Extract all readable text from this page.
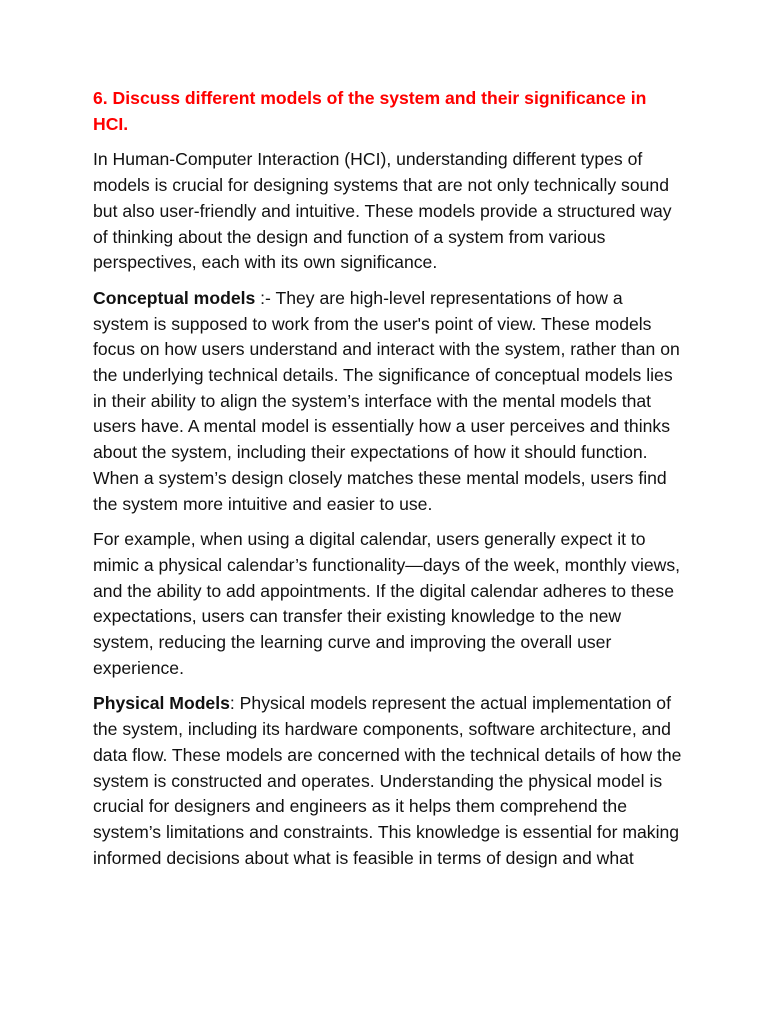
6. Discuss different models of the system and their significance in HCI.

In Human-Computer Interaction (HCI), understanding different types of models is crucial for designing systems that are not only technically sound but also user-friendly and intuitive. These models provide a structured way of thinking about the design and function of a system from various perspectives, each with its own significance.

Conceptual models :- They are high-level representations of how a system is supposed to work from the user's point of view. These models focus on how users understand and interact with the system, rather than on the underlying technical details. The significance of conceptual models lies in their ability to align the system’s interface with the mental models that users have. A mental model is essentially how a user perceives and thinks about the system, including their expectations of how it should function. When a system’s design closely matches these mental models, users find the system more intuitive and easier to use.

For example, when using a digital calendar, users generally expect it to mimic a physical calendar’s functionality—days of the week, monthly views, and the ability to add appointments. If the digital calendar adheres to these expectations, users can transfer their existing knowledge to the new system, reducing the learning curve and improving the overall user experience.

Physical Models: Physical models represent the actual implementation of the system, including its hardware components, software architecture, and data flow. These models are concerned with the technical details of how the system is constructed and operates. Understanding the physical model is crucial for designers and engineers as it helps them comprehend the system’s limitations and constraints. This knowledge is essential for making informed decisions about what is feasible in terms of design and what
